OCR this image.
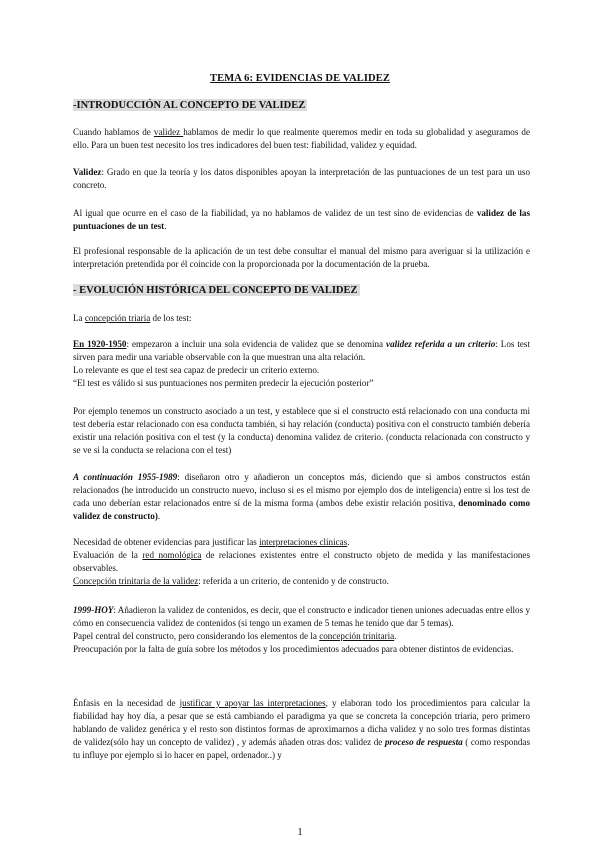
TEMA 6: EVIDENCIAS DE VALIDEZ
-INTRODUCCIÓN AL CONCEPTO DE VALIDEZ

Cuando hablamos de validez hablamos de medir lo que realmente queremos medir en toda su globalidad y aseguramos de ello. Para un buen test necesito los tres indicadores del buen test: fiabilidad, validez y equidad.

Validez: Grado en que la teoría y los datos disponibles apoyan la interpretación de las puntuaciones de un test para un uso concreto.

Al igual que ocurre en el caso de la fiabilidad, ya no hablamos de validez de un test sino de evidencias de validez de las puntuaciones de un test.

El profesional responsable de la aplicación de un test debe consultar el manual del mismo para averiguar si la utilización e interpretación pretendida por él coincide con la proporcionada por la documentación de la prueba.

- EVOLUCIÓN HISTÓRICA DEL CONCEPTO DE VALIDEZ

La concepción triaria de los test:

En 1920-1950: empezaron a incluir una sola evidencia de validez que se denomina validez referida a un criterio: Los test sirven para medir una variable observable con la que muestran una alta relación.

Lo relevante es que el test sea capaz de predecir un criterio externo.

“El test es válido si sus puntuaciones nos permiten predecir la ejecución posterior”

Por ejemplo tenemos un constructo asociado a un test, y establece que si el constructo está relacionado con una conducta mi test debería estar relacionado con esa conducta también, si hay relación (conducta) positiva con el constructo también debería existir una relación positiva con el test (y la conducta) denomina validez de criterio. (conducta relacionada con constructo y se ve si la conducta se relaciona con el test)

A continuación 1955-1989: diseñaron otro y añadieron un conceptos más, diciendo que si ambos constructos están relacionados (he introducido un constructo nuevo, incluso si es el mismo por ejemplo dos de inteligencia) entre si los test de cada uno deberían estar relacionados entre sí de la misma forma (ambos debe existir relación positiva, denominado como validez de constructo).

Necesidad de obtener evidencias para justificar las interpretaciones clínicas.

Evaluación de la red nomológica de relaciones existentes entre el constructo objeto de medida y las manifestaciones observables.

Concepción trinitaria de la validez: referida a un criterio, de contenido y de constructo.

1999-HOY: Añadieron la validez de contenidos, es decir, que el constructo e indicador tienen uniones adecuadas entre ellos y cómo en consecuencia validez de contenidos (si tengo un examen de 5 temas he tenido que dar 5 temas).

Papel central del constructo, pero considerando los elementos de la concepción trinitaria.

Preocupación por la falta de guía sobre los métodos y los procedimientos adecuados para obtener distintos de evidencias.

Énfasis en la necesidad de justificar y apoyar las interpretaciones, y elaboran todo los procedimientos para calcular la fiabilidad hay hoy día, a pesar que se está cambiando el paradigma ya que se concreta la concepción triaria, pero primero hablando de validez genérica y el resto son distintos formas de aproximarnos a dicha validez y no solo tres formas distintas de validez(sólo hay un concepto de validez) , y además añaden otras dos: validez de proceso de respuesta ( como respondas tu influye por ejemplo si lo hacer en papel, ordenador..) y

1
